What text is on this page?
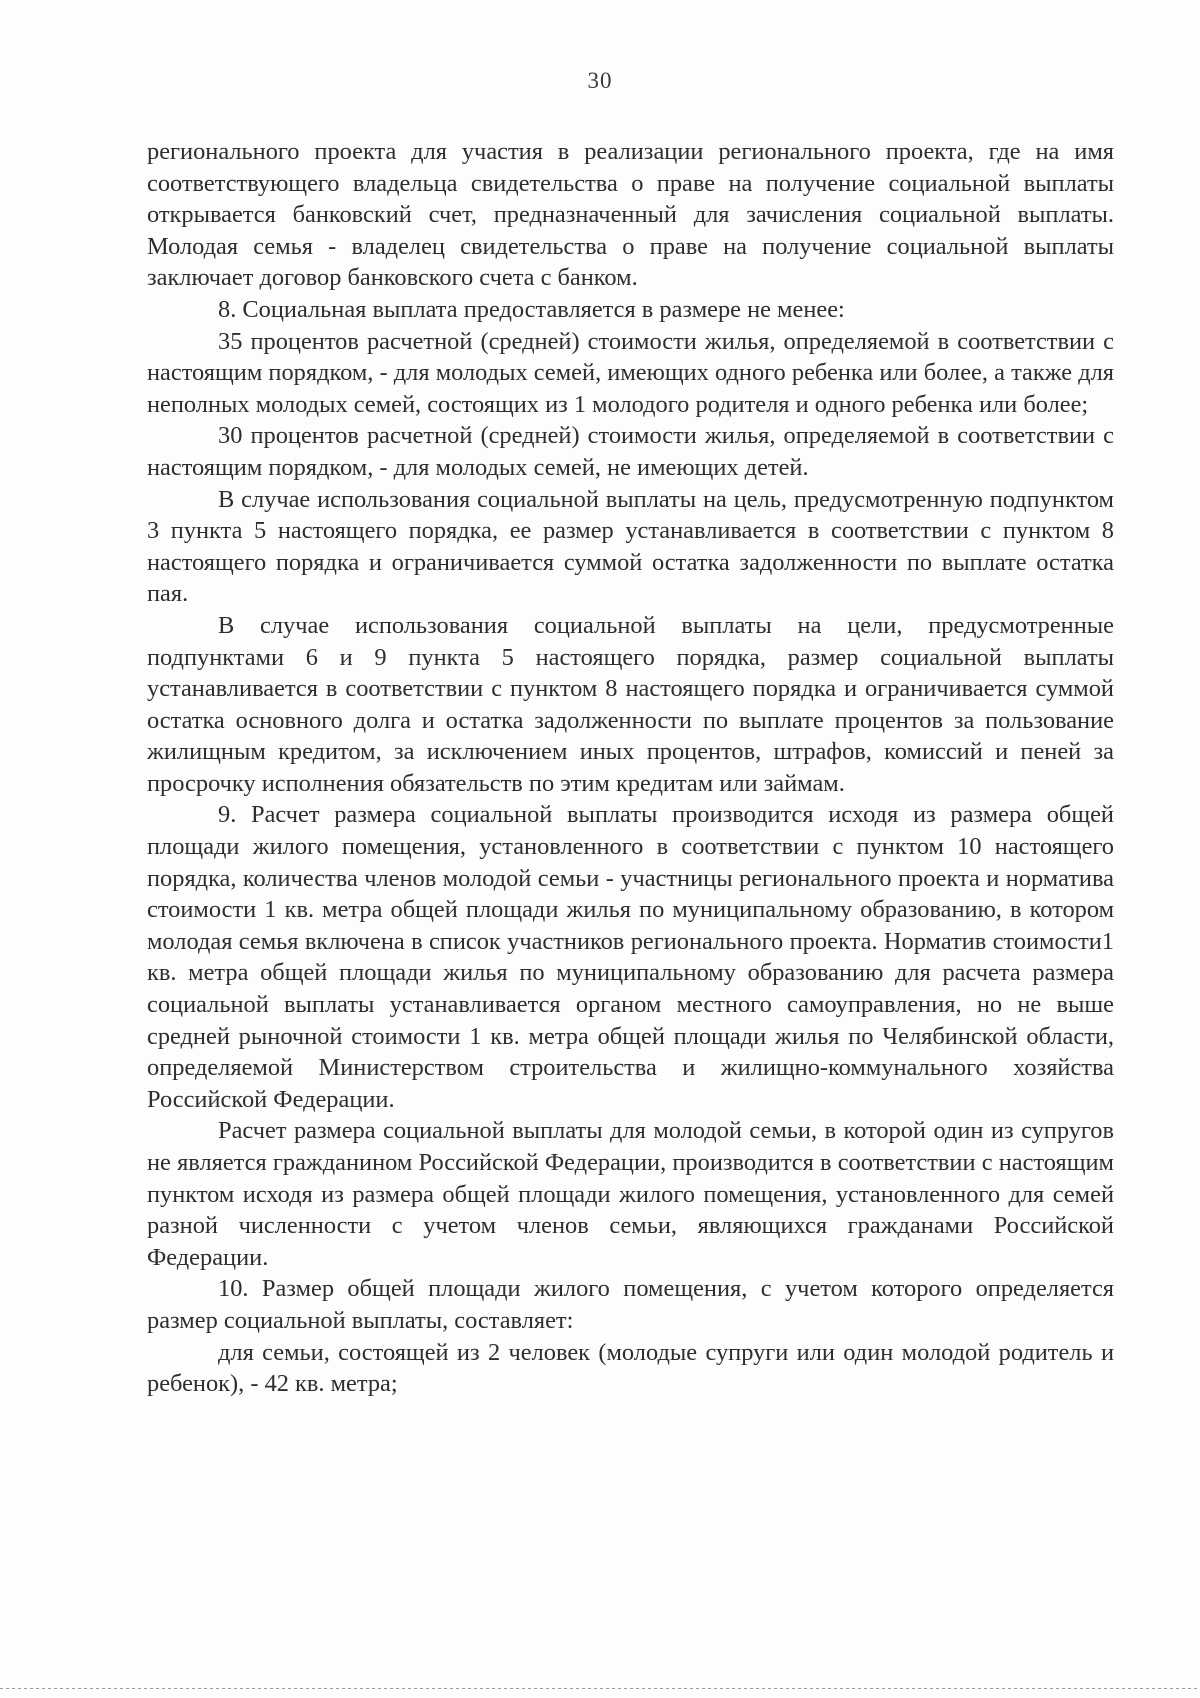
30

регионального проекта для участия в реализации регионального проекта, где на имя соответствующего владельца свидетельства о праве на получение социальной выплаты открывается банковский счет, предназначенный для зачисления социальной выплаты. Молодая семья - владелец свидетельства о праве на получение социальной выплаты заключает договор банковского счета с банком.

8. Социальная выплата предоставляется в размере не менее:

35 процентов расчетной (средней) стоимости жилья, определяемой в соответствии с настоящим порядком, - для молодых семей, имеющих одного ребенка или более, а также для неполных молодых семей, состоящих из 1 молодого родителя и одного ребенка или более;

30 процентов расчетной (средней) стоимости жилья, определяемой в соответствии с настоящим порядком, - для молодых семей, не имеющих детей.

В случае использования социальной выплаты на цель, предусмотренную подпунктом 3 пункта 5 настоящего порядка, ее размер устанавливается в соответствии с пунктом 8 настоящего порядка и ограничивается суммой остатка задолженности по выплате остатка пая.

В случае использования социальной выплаты на цели, предусмотренные подпунктами 6 и 9 пункта 5 настоящего порядка, размер социальной выплаты устанавливается в соответствии с пунктом 8 настоящего порядка и ограничивается суммой остатка основного долга и остатка задолженности по выплате процентов за пользование жилищным кредитом, за исключением иных процентов, штрафов, комиссий и пеней за просрочку исполнения обязательств по этим кредитам или займам.

9. Расчет размера социальной выплаты производится исходя из размера общей площади жилого помещения, установленного в соответствии с пунктом 10 настоящего порядка, количества членов молодой семьи - участницы регионального проекта и норматива стоимости 1 кв. метра общей площади жилья по муниципальному образованию, в котором молодая семья включена в список участников регионального проекта. Норматив стоимости1 кв. метра общей площади жилья по муниципальному образованию для расчета размера социальной выплаты устанавливается органом местного самоуправления, но не выше средней рыночной стоимости 1 кв. метра общей площади жилья по Челябинской области, определяемой Министерством строительства и жилищно-коммунального хозяйства Российской Федерации.

Расчет размера социальной выплаты для молодой семьи, в которой один из супругов не является гражданином Российской Федерации, производится в соответствии с настоящим пунктом исходя из размера общей площади жилого помещения, установленного для семей разной численности с учетом членов семьи, являющихся гражданами Российской Федерации.

10. Размер общей площади жилого помещения, с учетом которого определяется размер социальной выплаты, составляет:

для семьи, состоящей из 2 человек (молодые супруги или один молодой родитель и ребенок), - 42 кв. метра;
